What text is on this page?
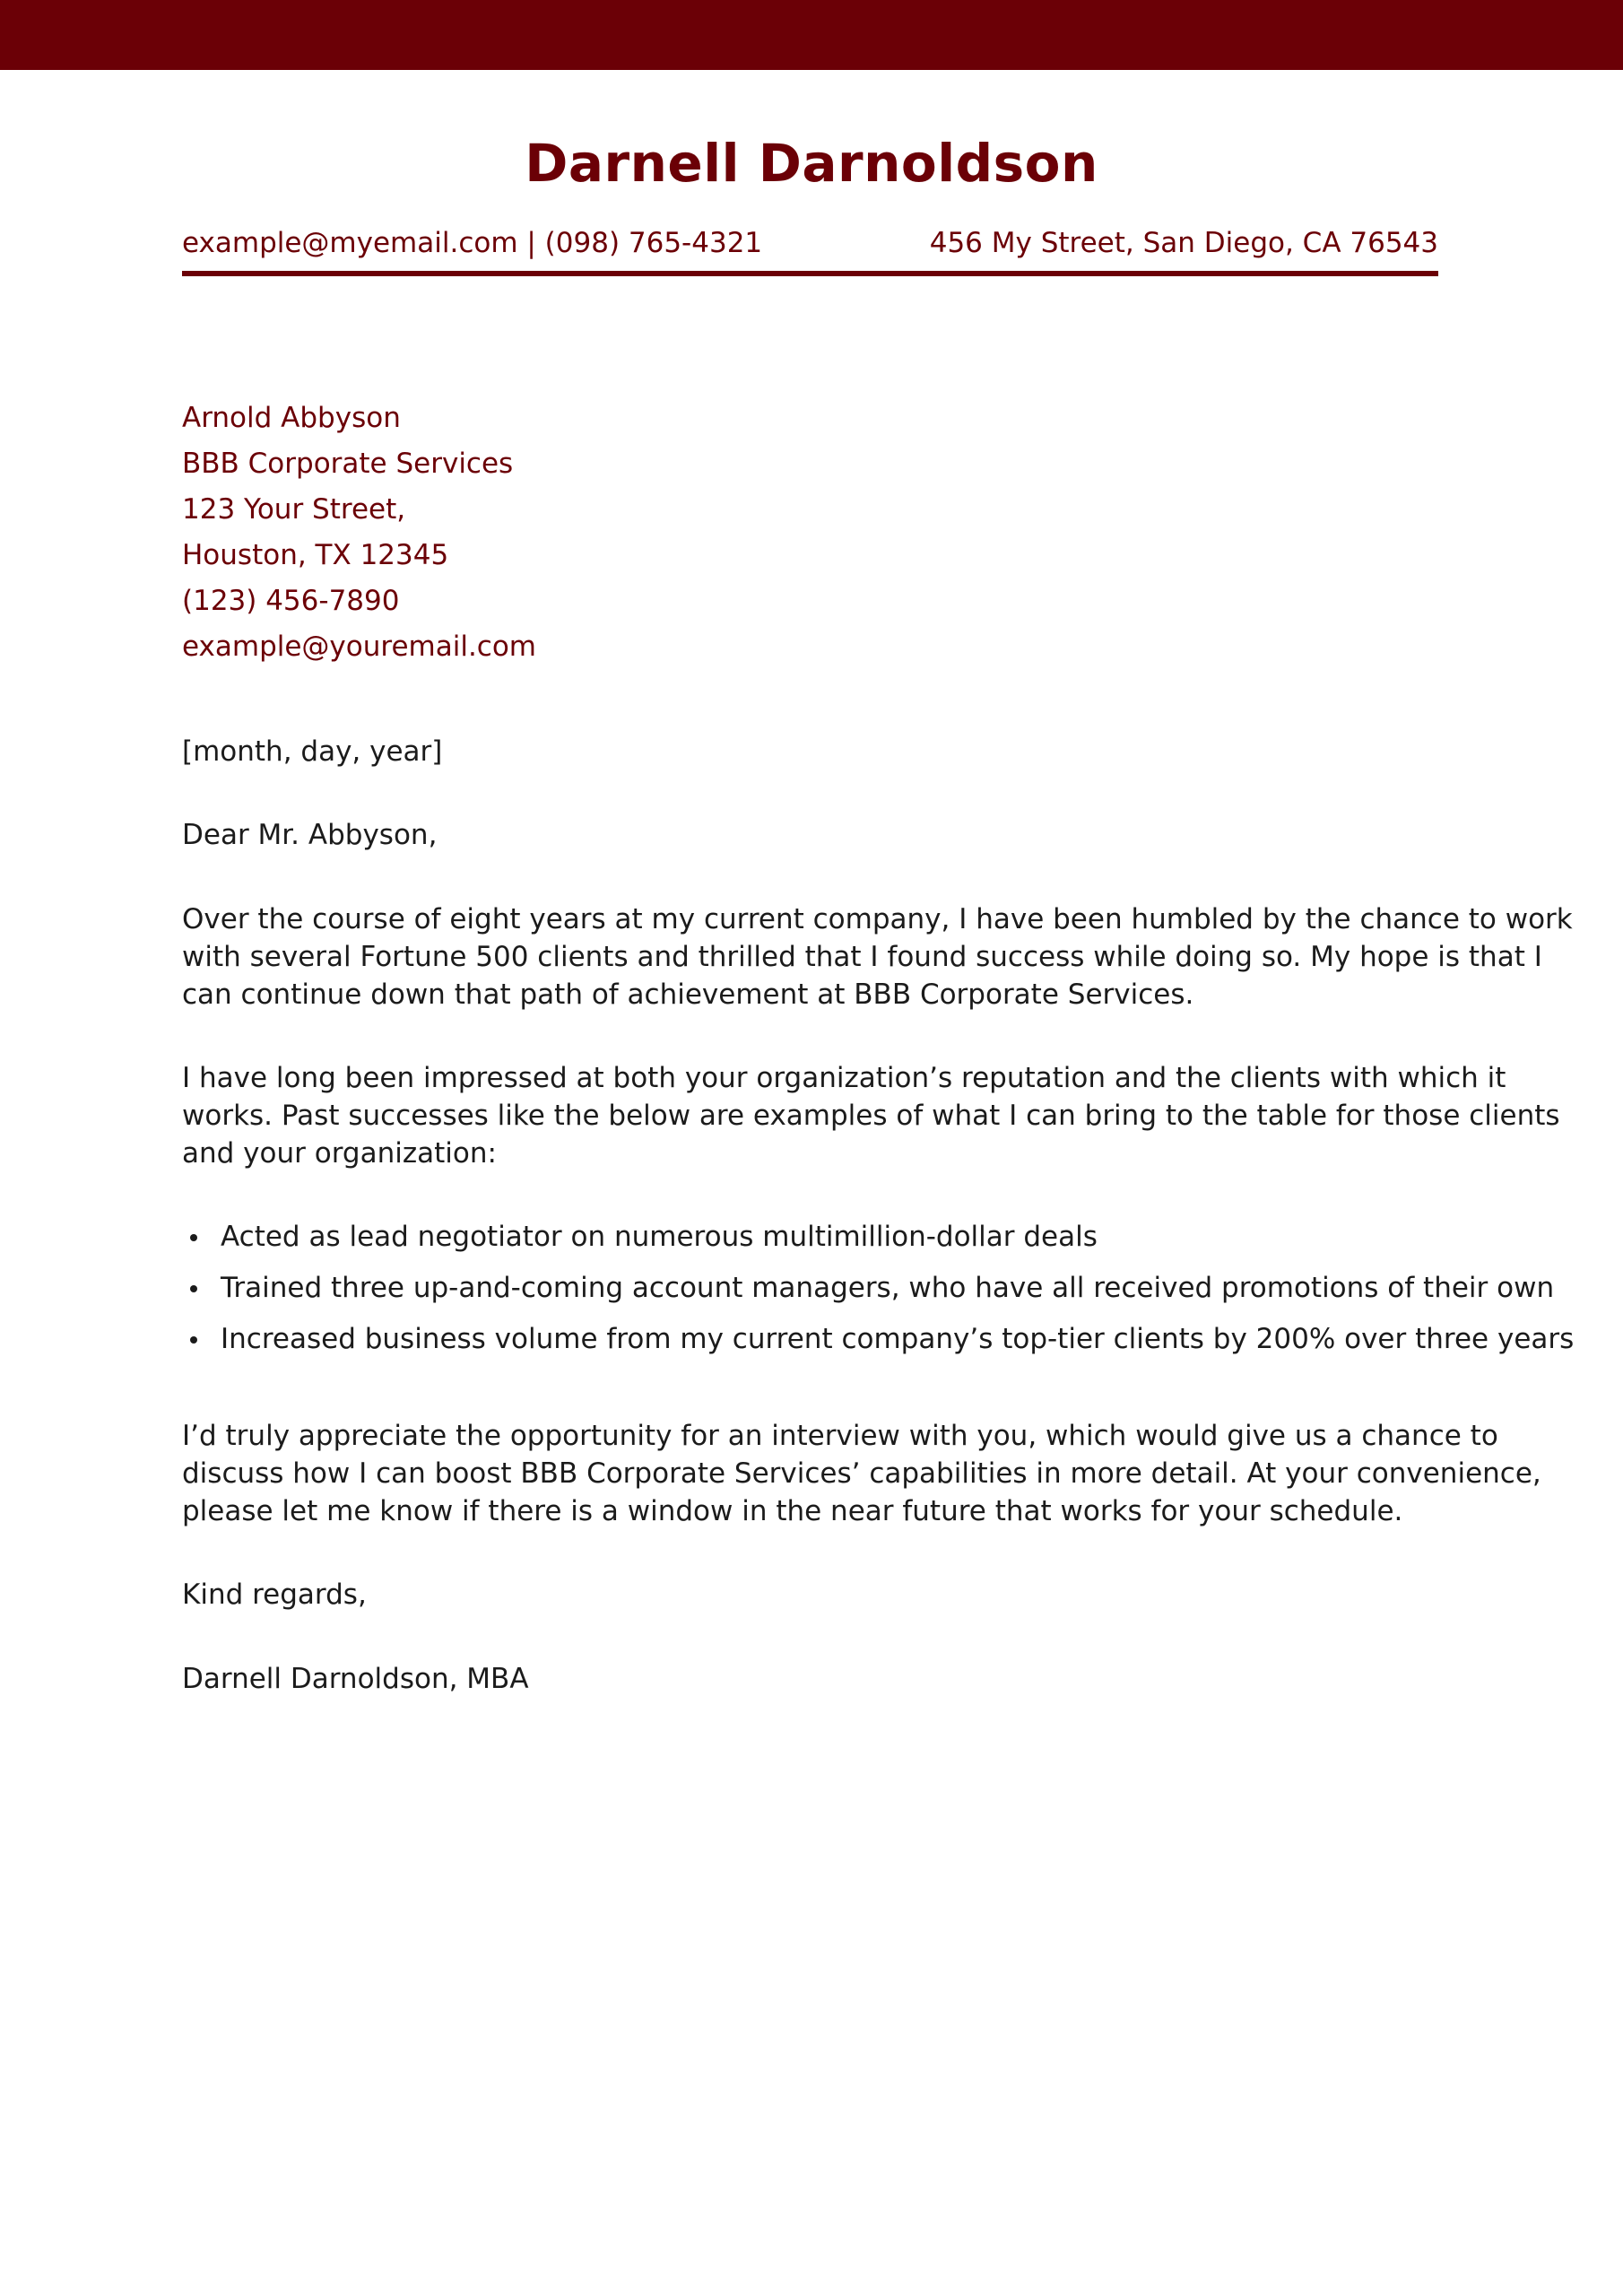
Darnell Darnoldson
example@myemail.com | (098) 765-4321	456 My Street, San Diego, CA 76543
Arnold Abbyson
BBB Corporate Services
123 Your Street,
Houston, TX 12345
(123) 456-7890
example@youremail.com
[month, day, year]
Dear Mr. Abbyson,
Over the course of eight years at my current company, I have been humbled by the chance to work
with several Fortune 500 clients and thrilled that I found success while doing so. My hope is that I
can continue down that path of achievement at BBB Corporate Services.
I have long been impressed at both your organization’s reputation and the clients with which it
works. Past successes like the below are examples of what I can bring to the table for those clients
and your organization:
Acted as lead negotiator on numerous multimillion-dollar deals
Trained three up-and-coming account managers, who have all received promotions of their own
Increased business volume from my current company’s top-tier clients by 200% over three years
I’d truly appreciate the opportunity for an interview with you, which would give us a chance to
discuss how I can boost BBB Corporate Services’ capabilities in more detail. At your convenience,
please let me know if there is a window in the near future that works for your schedule.
Kind regards,
Darnell Darnoldson, MBA
